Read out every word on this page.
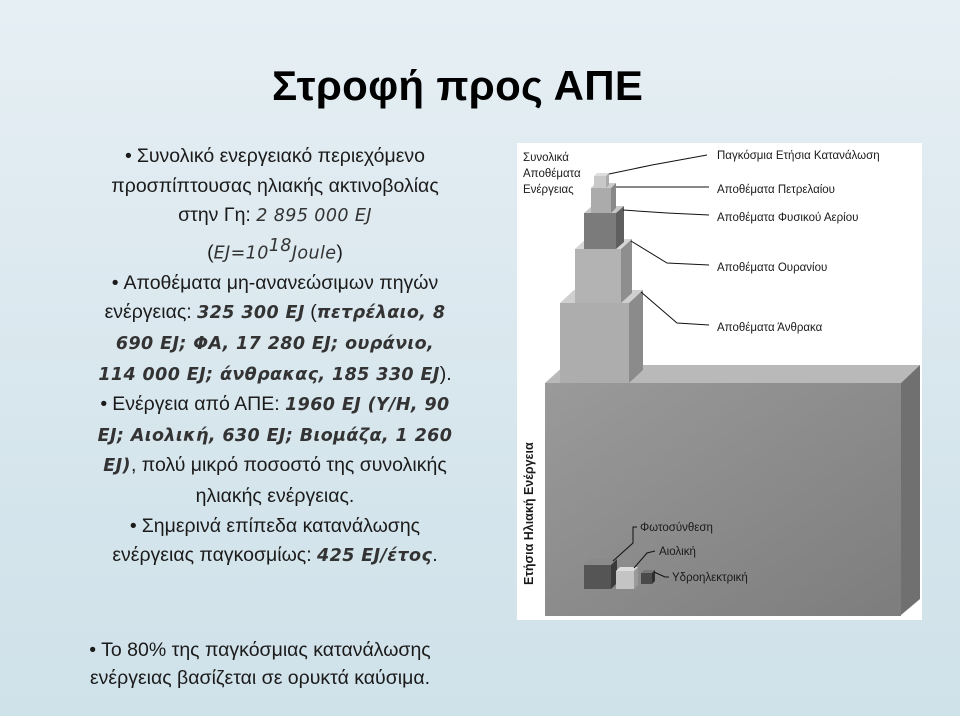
Στροφή προς ΑΠΕ

• Συνολικό ενεργειακό περιεχόμενο

προσπίπτουσας ηλιακής ακτινοβολίας

στην Γη: 2 895 000 ΕJ

$(EJ=10^{18}Joule)$

• Αποθέματα μη-ανανεώσιμων πηγών

ενέργειας: 325 300 EJ (πετρέλαιο, 8

690 EJ; ΦΑ, 17 280 EJ; ουράνιο,

114 000 EJ; άνθρακας, 185 330 EJ).

• Ενέργεια από ΑΠΕ: 1960 EJ (Υ/Η, 90

EJ; Αιολική, 630 EJ; Βιομάζα, 1 260

EJ), πολύ μικρό ποσοστό της συνολικής

ηλιακής ενέργειας.

• Σημερινά επίπεδα κατανάλωσης

ενέργειας παγκοσμίως: 425 EJ/έτος.

Συνολικά
Αποθέματα
Ενέργειας
Παγκόσμια Ετήσια Κατανάλωση
Αποθέματα Πετρελαίου
Αποθέματα Φυσικού Αερίου
Αποθέματα Ουρανίου
Αποθέματα Άνθρακα
Ετήσια Ηλιακή Ενέργεια	Φωτοσύνθεση
Αιολική
Υδροηλεκτρική

• Το 80% της παγκόσμιας κατανάλωσης

ενέργειας βασίζεται σε ορυκτά καύσιμα.
